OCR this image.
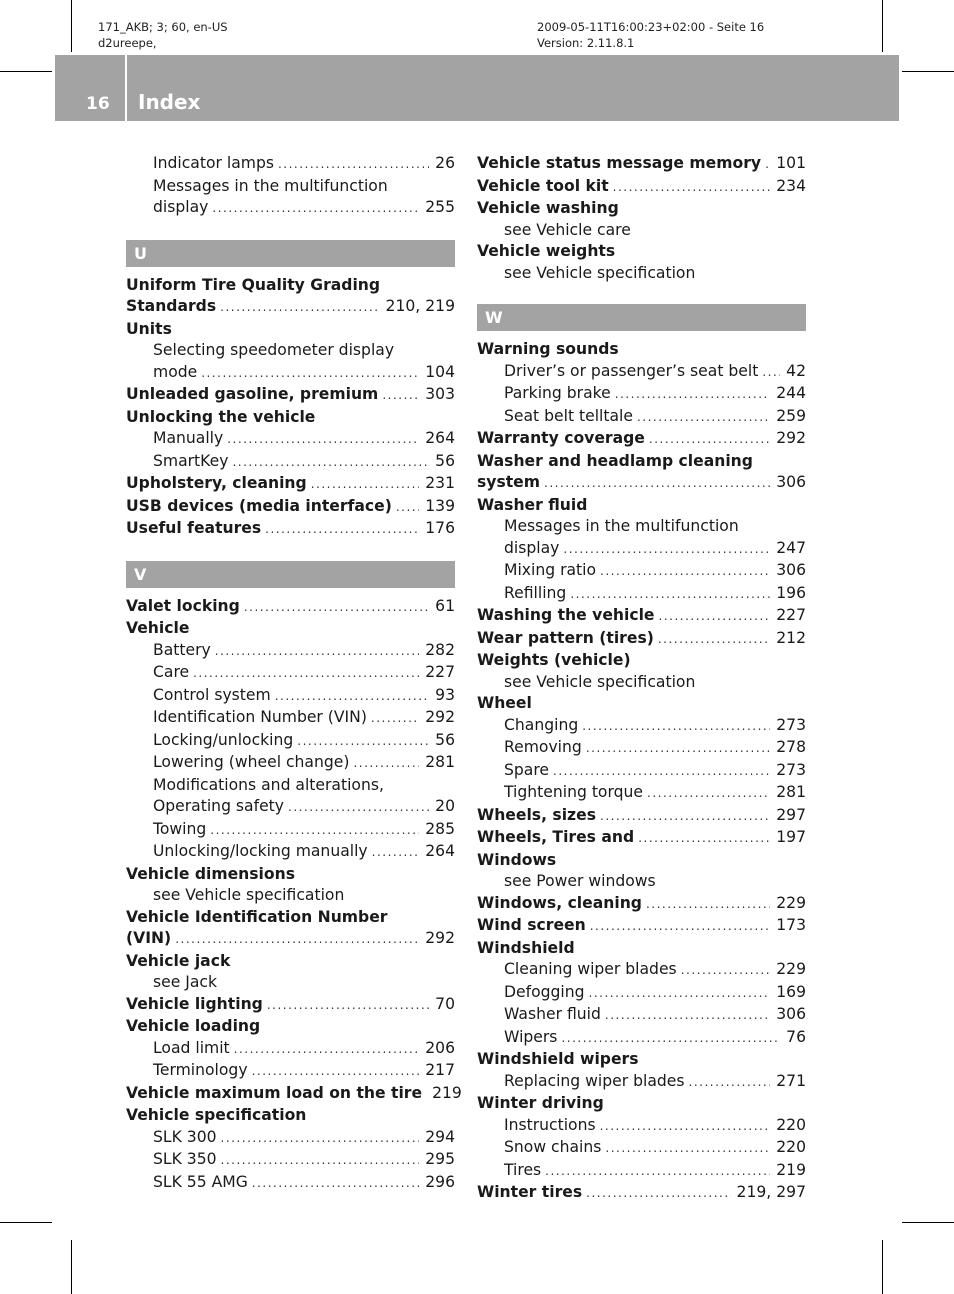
171_AKB; 3; 60, en-US
d2ureepe,
2009-05-11T16:00:23+02:00 - Seite 16
Version: 2.11.8.1
16 Index
Indicator lamps .....	26
Messages in the multifunction
display .....	255
U
Uniform Tire Quality Grading
Standards .....	210, 219
Units
Selecting speedometer display
mode .....	104
Unleaded gasoline, premium .....	303
Unlocking the vehicle
Manually .....	264
SmartKey .....	56
Upholstery, cleaning .....	231
USB devices (media interface) ..... 139
Useful features .....	176
V
Valet locking .....	61
Vehicle
Battery .....	282
Care .....	227
Control system .....	93
Identification Number (VIN) .....	292
Locking/unlocking .....	56
Lowering (wheel change) .....	281
Modifications and alterations,
Operating safety .....	20
Towing .....	285
Unlocking/locking manually .....	264
Vehicle dimensions
see Vehicle specification
Vehicle Identification Number
(VIN) .....	292
Vehicle jack
see Jack
Vehicle lighting .....	70
Vehicle loading
Load limit .....	206
Terminology .....	217
Vehicle maximum load on the tire 219
Vehicle specification
SLK 300 .....	294
SLK 350 .....	295
SLK 55 AMG .....	296
Vehicle status message memory ..... 101
Vehicle tool kit .....	234
Vehicle washing
see Vehicle care
Vehicle weights
see Vehicle specification
W
Warning sounds
Driver’s or passenger’s seat belt ..... 42
Parking brake .....	244
Seat belt telltale .....	259
Warranty coverage .....	292
Washer and headlamp cleaning
system .....	306
Washer fluid
Messages in the multifunction
display .....	247
Mixing ratio .....	306
Refilling .....	196
Washing the vehicle .....	227
Wear pattern (tires) .....	212
Weights (vehicle)
see Vehicle specification
Wheel
Changing .....	273
Removing .....	278
Spare .....	273
Tightening torque .....	281
Wheels, sizes .....	297
Wheels, Tires and .....	197
Windows
see Power windows
Windows, cleaning .....	229
Wind screen .....	173
Windshield
Cleaning wiper blades .....	229
Defogging .....	169
Washer fluid .....	306
Wipers .....	76
Windshield wipers
Replacing wiper blades .....	271
Winter driving
Instructions .....	220
Snow chains .....	220
Tires .....	219
Winter tires .....	219, 297
